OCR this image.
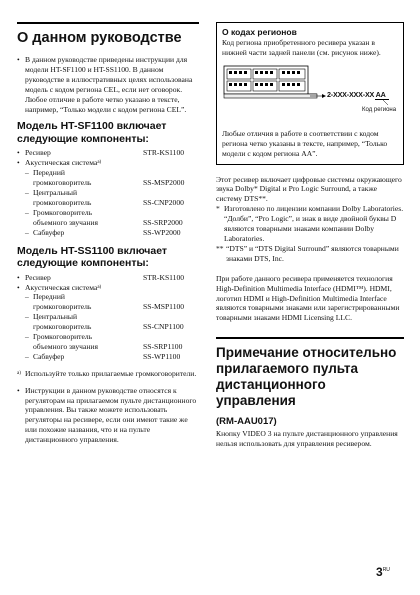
О данном руководстве
• В данном руководстве приведены инструкции для модели HT-SF1100 и HT-SS1100. В данном руководстве в иллюстративных целях использована модель с кодом региона CEL, если нет оговорок. Любое отличие в работе четко указано в тексте, например, “Только модели с кодом региона CEL”.

Модель HT-SF1100 включает следующие компоненты:
• Ресивер	STR-KS1100
• Акустическая система a)
– Передний
громкоговоритель	SS-MSP2000
– Центральный
громкоговоритель	SS-CNP2000
– Громкоговоритель
объемного звучания	SS-SRP2000
– Сабвуфер	SS-WP2000
Модель HT-SS1100 включает следующие компоненты:
• Ресивер	STR-KS1100
• Акустическая система a)
– Передний
громкоговоритель	SS-MSP1100
– Центральный
громкоговоритель	SS-CNP1100
– Громкоговоритель
объемного звучания	SS-SRP1100
– Сабвуфер	SS-WP1100
a) Используйте только прилагаемые громкоговорители.

• Инструкции в данном руководстве относятся к регуляторам на прилагаемом пульте дистанционного управления. Вы также можете использовать регуляторы на ресивере, если они имеют такие же или похожие названия, что и на пульте дистанционного управления.

О кодах регионов

Код региона приобретенного ресивера указан в нижней части задней панели (см. рисунок ниже).

2-XXX-XXX-XX AA
Код региона

Любые отличия в работе в соответствии с кодом региона четко указаны в тексте, например, “Только модели с кодом региона AA”.

Этот ресивер включает цифровые системы окружающего звука Dolby* Digital и Pro Logic Surround, а также систему DTS**.

* Изготовлено по лицензии компании Dolby Laboratories. “Долби”, “Pro Logic”, и знак в виде двойной буквы D являются товарными знаками компании Dolby Laboratories.

** “DTS” и “DTS Digital Surround” являются товарными знаками DTS, Inc.

При работе данного ресивера применяется технология High-Definition Multimedia Interface (HDMI™). HDMI, логотип HDMI и High-Definition Multimedia Interface являются товарными знаками или зарегистрированными товарными знаками HDMI Licensing LLC.

Примечание относительно прилагаемого пульта дистанционного управления
(RM-AAU017)

Кнопку VIDEO 3 на пульте дистанционного управления нельзя использовать для управления ресивером.

$3^{RU}$
